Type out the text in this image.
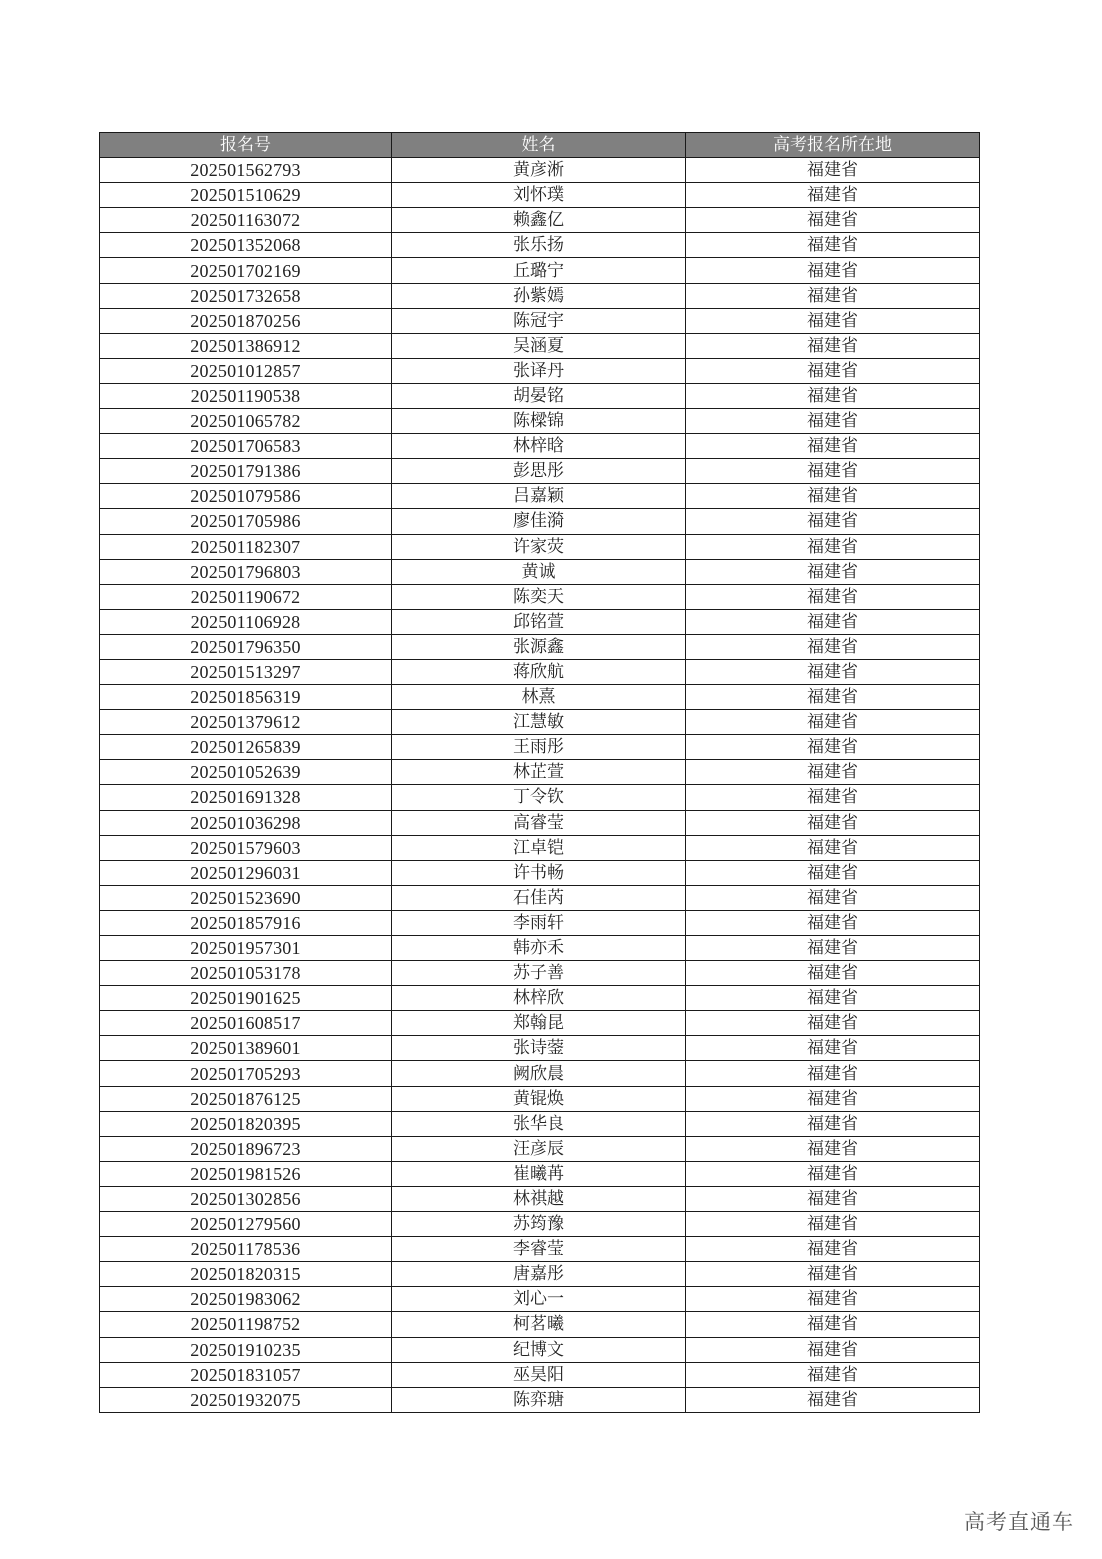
报名号	姓名	高考报名所在地
202501562793	黄彦淅	福建省
202501510629	刘怀璞	福建省
202501163072	赖鑫亿	福建省
202501352068	张乐扬	福建省
202501702169	丘璐宁	福建省
202501732658	孙紫嫣	福建省
202501870256	陈冠宇	福建省
202501386912	吴涵夏	福建省
202501012857	张译丹	福建省
202501190538	胡晏铭	福建省
202501065782	陈樑锦	福建省
202501706583	林梓晗	福建省
202501791386	彭思彤	福建省
202501079586	吕嘉颖	福建省
202501705986	廖佳漪	福建省
202501182307	许家荧	福建省
202501796803	黄诚	福建省
202501190672	陈奕天	福建省
202501106928	邱铭萱	福建省
202501796350	张源鑫	福建省
202501513297	蒋欣航	福建省
202501856319	林熹	福建省
202501379612	江慧敏	福建省
202501265839	王雨彤	福建省
202501052639	林芷萱	福建省
202501691328	丁令钦	福建省
202501036298	高睿莹	福建省
202501579603	江卓铠	福建省
202501296031	许书畅	福建省
202501523690	石佳芮	福建省
202501857916	李雨轩	福建省
202501957301	韩亦禾	福建省
202501053178	苏子善	福建省
202501901625	林梓欣	福建省
202501608517	郑翰昆	福建省
202501389601	张诗蓥	福建省
202501705293	阙欣晨	福建省
202501876125	黄锟焕	福建省
202501820395	张华良	福建省
202501896723	汪彦辰	福建省
202501981526	崔曦苒	福建省
202501302856	林祺越	福建省
202501279560	苏筠豫	福建省
202501178536	李睿莹	福建省
202501820315	唐嘉彤	福建省
202501983062	刘心一	福建省
202501198752	柯茗曦	福建省
202501910235	纪博文	福建省
202501831057	巫昊阳	福建省
202501932075	陈弈瑭	福建省
高考直通车
